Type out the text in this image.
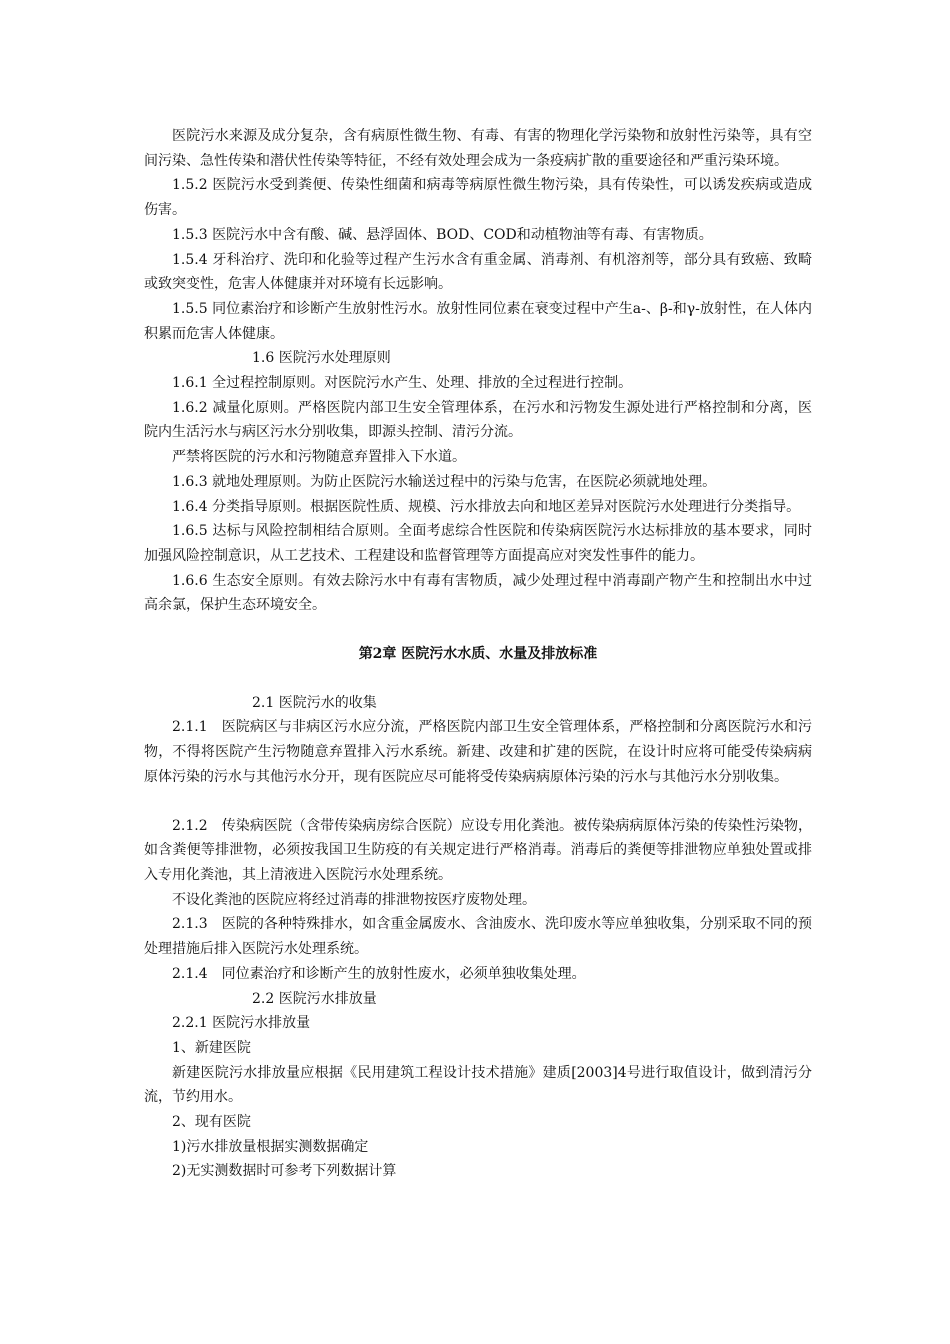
医院污水来源及成分复杂，含有病原性微生物、有毒、有害的物理化学污染物和放射性污染等，具有空间污染、急性传染和潜伏性传染等特征，不经有效处理会成为一条疫病扩散的重要途径和严重污染环境。

1.5.2 医院污水受到粪便、传染性细菌和病毒等病原性微生物污染，具有传染性，可以诱发疾病或造成伤害。

1.5.3 医院污水中含有酸、碱、悬浮固体、BOD、COD和动植物油等有毒、有害物质。

1.5.4 牙科治疗、洗印和化验等过程产生污水含有重金属、消毒剂、有机溶剂等，部分具有致癌、致畸或致突变性，危害人体健康并对环境有长远影响。

1.5.5 同位素治疗和诊断产生放射性污水。放射性同位素在衰变过程中产生a-、β-和γ-放射性，在人体内积累而危害人体健康。

1.6 医院污水处理原则

1.6.1 全过程控制原则。对医院污水产生、处理、排放的全过程进行控制。

1.6.2 减量化原则。严格医院内部卫生安全管理体系，在污水和污物发生源处进行严格控制和分离，医院内生活污水与病区污水分别收集，即源头控制、清污分流。

严禁将医院的污水和污物随意弃置排入下水道。

1.6.3 就地处理原则。为防止医院污水输送过程中的污染与危害，在医院必须就地处理。

1.6.4 分类指导原则。根据医院性质、规模、污水排放去向和地区差异对医院污水处理进行分类指导。

1.6.5 达标与风险控制相结合原则。全面考虑综合性医院和传染病医院污水达标排放的基本要求，同时加强风险控制意识，从工艺技术、工程建设和监督管理等方面提高应对突发性事件的能力。

1.6.6 生态安全原则。有效去除污水中有毒有害物质，减少处理过程中消毒副产物产生和控制出水中过高余氯，保护生态环境安全。

第2章 医院污水水质、水量及排放标准

2.1 医院污水的收集

2.1.1　医院病区与非病区污水应分流，严格医院内部卫生安全管理体系，严格控制和分离医院污水和污物，不得将医院产生污物随意弃置排入污水系统。新建、改建和扩建的医院，在设计时应将可能受传染病病原体污染的污水与其他污水分开，现有医院应尽可能将受传染病病原体污染的污水与其他污水分别收集。

2.1.2　传染病医院（含带传染病房综合医院）应设专用化粪池。被传染病病原体污染的传染性污染物，如含粪便等排泄物，必须按我国卫生防疫的有关规定进行严格消毒。消毒后的粪便等排泄物应单独处置或排入专用化粪池，其上清液进入医院污水处理系统。

不设化粪池的医院应将经过消毒的排泄物按医疗废物处理。

2.1.3　医院的各种特殊排水，如含重金属废水、含油废水、洗印废水等应单独收集，分别采取不同的预处理措施后排入医院污水处理系统。

2.1.4　同位素治疗和诊断产生的放射性废水，必须单独收集处理。

2.2 医院污水排放量

2.2.1 医院污水排放量

1、新建医院

新建医院污水排放量应根据《民用建筑工程设计技术措施》建质[2003]4号进行取值设计，做到清污分流，节约用水。

2、现有医院

1)污水排放量根据实测数据确定

2)无实测数据时可参考下列数据计算
